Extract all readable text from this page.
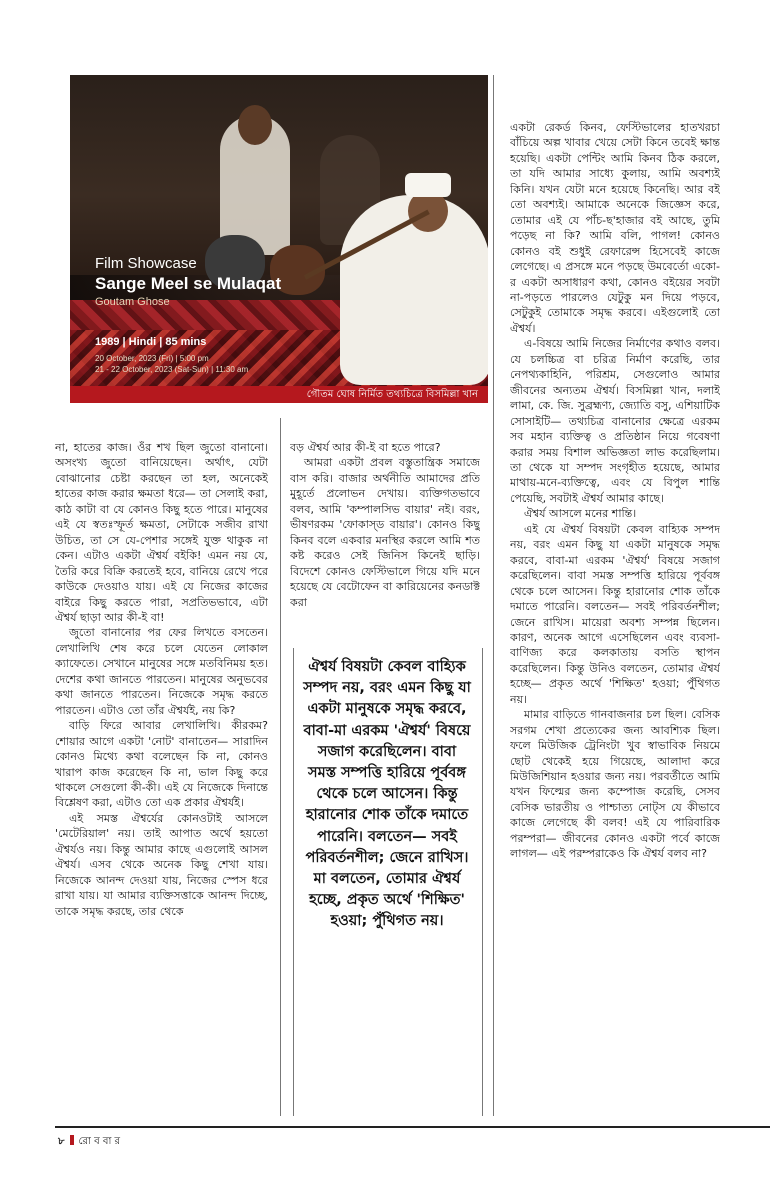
Film Showcase
Sange Meel se Mulaqat
Goutam Ghose
1989 | Hindi | 85 mins
20 October, 2023 (Fri) | 5:00 pm
21 - 22 October, 2023 (Sat-Sun) | 11:30 am
গৌতম ঘোষ নির্মিত তথ্যচিত্রে বিসমিল্লা খান

না, হাতের কাজ। ওঁর শখ ছিল জুতো বানানো। অসংখ্য জুতো বানিয়েছেন। অর্থাৎ, যেটা বোঝানোর চেষ্টা করছেন তা হল, অনেকেই হাতের কাজ করার ক্ষমতা ধরে— তা সেলাই করা, কাঠ কাটা বা যে কোনও কিছু হতে পারে। মানুষের এই যে স্বতঃস্ফূর্ত ক্ষমতা, সেটাকে সজীব রাখা উচিত, তা সে যে-পেশার সঙ্গেই যুক্ত থাকুক না কেন। এটাও একটা ঐশ্বর্য বইকি! এমন নয় যে, তৈরি করে বিক্রি করতেই হবে, বানিয়ে রেখে পরে কাউকে দেওয়াও যায়। এই যে নিজের কাজের বাইরে কিছু করতে পারা, সপ্রতিভভাবে, এটা ঐশ্বর্য ছাড়া আর কী-ই বা!

জুতো বানানোর পর ফের লিখতে বসতেন। লেখালিখি শেষ করে চলে যেতেন লোকাল ক্যাফেতে। সেখানে মানুষের সঙ্গে মতবিনিময় হত। দেশের কথা জানতে পারতেন। মানুষের অনুভবের কথা জানতে পারতেন। নিজেকে সমৃদ্ধ করতে পারতেন। এটাও তো তাঁর ঐশ্বর্যই, নয় কি?

বাড়ি ফিরে আবার লেখালিখি। কীরকম? শোয়ার আগে একটা 'নোট' বানাতেন— সারাদিন কোনও মিথ্যে কথা বলেছেন কি না, কোনও খারাপ কাজ করেছেন কি না, ভাল কিছু করে থাকলে সেগুলো কী-কী। এই যে নিজেকে দিনান্তে বিশ্লেষণ করা, এটাও তো এক প্রকার ঐশ্বর্যই।

এই সমস্ত ঐশ্বর্যের কোনওটাই আসলে 'মেটেরিয়াল' নয়। তাই আপাত অর্থে হয়তো ঐশ্বর্যও নয়। কিন্তু আমার কাছে এগুলোই আসল ঐশ্বর্য। এসব থেকে অনেক কিছু শেখা যায়। নিজেকে আনন্দ দেওয়া যায়, নিজের স্পেস ধরে রাখা যায়। যা আমার ব্যক্তিসত্তাকে আনন্দ দিচ্ছে, তাকে সমৃদ্ধ করছে, তার থেকে

বড় ঐশ্বর্য আর কী-ই বা হতে পারে?

আমরা একটা প্রবল বস্তুতান্ত্রিক সমাজে বাস করি। বাজার অর্থনীতি আমাদের প্রতি মুহূর্তে প্রলোভন দেখায়। ব্যক্তিগতভাবে বলব, আমি 'কম্পালসিভ বায়ার' নই। বরং, ভীষণরকম 'ফোকাস্ড বায়ার'। কোনও কিছু কিনব বলে একবার মনস্থির করলে আমি শত কষ্ট করেও সেই জিনিস কিনেই ছাড়ি। বিদেশে কোনও ফেস্টিভালে গিয়ে যদি মনে হয়েছে যে বেটোফেন বা কারিয়েনের কনডাক্ট করা

ঐশ্বর্য বিষয়টা কেবল বাহ্যিক সম্পদ নয়, বরং এমন কিছু যা একটা মানুষকে সমৃদ্ধ করবে, বাবা-মা এরকম 'ঐশ্বর্য' বিষয়ে সজাগ করেছিলেন। বাবা সমস্ত সম্পত্তি হারিয়ে পূর্ববঙ্গ থেকে চলে আসেন। কিন্তু হারানোর শোক তাঁকে দমাতে পারেনি। বলতেন— সবই পরিবর্তনশীল; জেনে রাখিস। মা বলতেন, তোমার ঐশ্বর্য হচ্ছে, প্রকৃত অর্থে 'শিক্ষিত' হওয়া; পুঁথিগত নয়।

একটা রেকর্ড কিনব, ফেস্টিভালের হাতখরচা বাঁচিয়ে অল্প খাবার খেয়ে সেটা কিনে তবেই ক্ষান্ত হয়েছি। একটা পেন্টিং আমি কিনব ঠিক করলে, তা যদি আমার সাধ্যে কুলায়, আমি অবশ্যই কিনি। যখন যেটা মনে হয়েছে কিনেছি। আর বই তো অবশ্যই। আমাকে অনেকে জিজ্ঞেস করে, তোমার এই যে পাঁচ-ছ'হাজার বই আছে, তুমি পড়েছ না কি? আমি বলি, পাগল! কোনও কোনও বই শুধুই রেফারেন্স হিসেবেই কাজে লেগেছে। এ প্রসঙ্গে মনে পড়ছে উমবের্তো একো-র একটা অসাধারণ কথা, কোনও বইয়ের সবটা না-পড়তে পারলেও যেটুকু মন দিয়ে পড়বে, সেটুকুই তোমাকে সমৃদ্ধ করবে। এইগুলোই তো ঐশ্বর্য।

এ-বিষয়ে আমি নিজের নির্মাণের কথাও বলব। যে চলচ্চিত্র বা চরিত্র নির্মাণ করেছি, তার নেপথ্যকাহিনি, পরিশ্রম, সেগুলোও আমার জীবনের অন্যতম ঐশ্বর্য। বিসমিল্লা খান, দলাই লামা, কে. জি. সুব্রহ্মণ্য, জ্যোতি বসু, এশিয়াটিক সোসাইটি— তথ্যচিত্র বানানোর ক্ষেত্রে এরকম সব মহান ব্যক্তিত্ব ও প্রতিষ্ঠান নিয়ে গবেষণা করার সময় বিশাল অভিজ্ঞতা লাভ করেছিলাম। তা থেকে যা সম্পদ সংগৃহীত হয়েছে, আমার মাথায়-মনে-ব্যক্তিত্বে, এবং যে বিপুল শান্তি পেয়েছি, সবটাই ঐশ্বর্য আমার কাছে।

ঐশ্বর্য আসলে মনের শান্তি।

এই যে ঐশ্বর্য বিষয়টা কেবল বাহ্যিক সম্পদ নয়, বরং এমন কিছু যা একটা মানুষকে সমৃদ্ধ করবে, বাবা-মা এরকম 'ঐশ্বর্য' বিষয়ে সজাগ করেছিলেন। বাবা সমস্ত সম্পত্তি হারিয়ে পূর্ববঙ্গ থেকে চলে আসেন। কিন্তু হারানোর শোক তাঁকে দমাতে পারেনি। বলতেন— সবই পরিবর্তনশীল; জেনে রাখিস। মায়েরা অবশ্য সম্পন্ন ছিলেন। কারণ, অনেক আগে এসেছিলেন এবং ব্যবসা-বাণিজ্য করে কলকাতায় বসতি স্থাপন করেছিলেন। কিন্তু উনিও বলতেন, তোমার ঐশ্বর্য হচ্ছে— প্রকৃত অর্থে 'শিক্ষিত' হওয়া; পুঁথিগত নয়।

মামার বাড়িতে গানবাজনার চল ছিল। বেসিক সরগম শেখা প্রত্যেকের জন্য আবশ্যিক ছিল। ফলে মিউজিক ট্রেনিংটা খুব স্বাভাবিক নিয়মে ছোট থেকেই হয়ে গিয়েছে, আলাদা করে মিউজিশিয়ান হওয়ার জন্য নয়। পরবর্তীতে আমি যখন ফিল্মের জন্য কম্পোজ করেছি, সেসব বেসিক ভারতীয় ও পাশ্চাত্য নোট্স যে কীভাবে কাজে লেগেছে কী বলব! এই যে পারিবারিক পরম্পরা— জীবনের কোনও একটা পর্বে কাজে লাগল— এই পরম্পরাকেও কি ঐশ্বর্য বলব না?

৮ রো ব বা র
